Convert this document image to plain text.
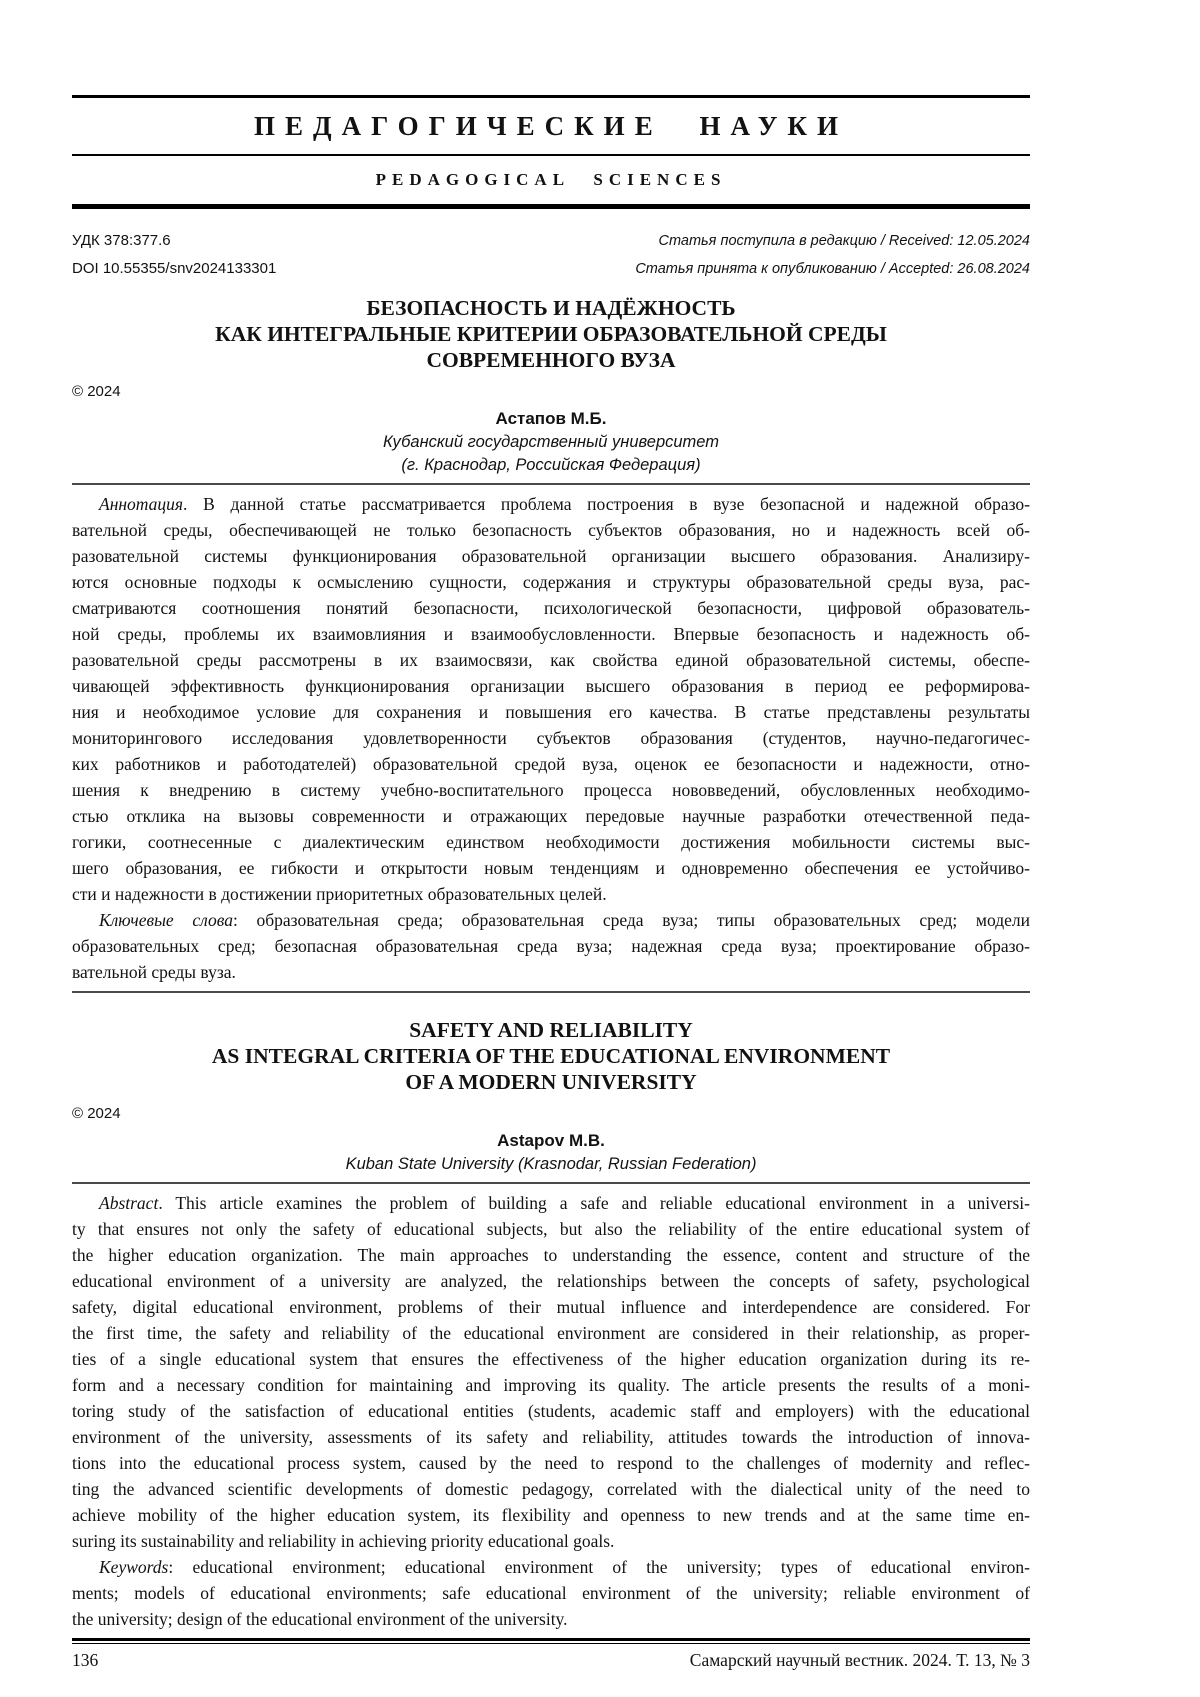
ПЕДАГОГИЧЕСКИЕ НАУКИ
PEDAGOGICAL SCIENCES
УДК 378:377.6	Статья поступила в редакцию / Received: 12.05.2024
DOI 10.55355/snv2024133301	Статья принята к опубликованию / Accepted: 26.08.2024
БЕЗОПАСНОСТЬ И НАДЁЖНОСТЬ
КАК ИНТЕГРАЛЬНЫЕ КРИТЕРИИ ОБРАЗОВАТЕЛЬНОЙ СРЕДЫ
СОВРЕМЕННОГО ВУЗА
© 2024
Астапов М.Б.
Кубанский государственный университет
(г. Краснодар, Российская Федерация)
Аннотация. В данной статье рассматривается проблема построения в вузе безопасной и надежной образо-
вательной среды, обеспечивающей не только безопасность субъектов образования, но и надежность всей об-
разовательной системы функционирования образовательной организации высшего образования. Анализиру-
ются основные подходы к осмыслению сущности, содержания и структуры образовательной среды вуза, рас-
сматриваются соотношения понятий безопасности, психологической безопасности, цифровой образователь-
ной среды, проблемы их взаимовлияния и взаимообусловленности. Впервые безопасность и надежность об-
разовательной среды рассмотрены в их взаимосвязи, как свойства единой образовательной системы, обеспе-
чивающей эффективность функционирования организации высшего образования в период ее реформирова-
ния и необходимое условие для сохранения и повышения его качества. В статье представлены результаты
мониторингового исследования удовлетворенности субъектов образования (студентов, научно-педагогичес-
ких работников и работодателей) образовательной средой вуза, оценок ее безопасности и надежности, отно-
шения к внедрению в систему учебно-воспитательного процесса нововведений, обусловленных необходимо-
стью отклика на вызовы современности и отражающих передовые научные разработки отечественной педа-
гогики, соотнесенные с диалектическим единством необходимости достижения мобильности системы выс-
шего образования, ее гибкости и открытости новым тенденциям и одновременно обеспечения ее устойчиво-
сти и надежности в достижении приоритетных образовательных целей.
Ключевые слова: образовательная среда; образовательная среда вуза; типы образовательных сред; модели
образовательных сред; безопасная образовательная среда вуза; надежная среда вуза; проектирование образо-
вательной среды вуза.
SAFETY AND RELIABILITY
AS INTEGRAL CRITERIA OF THE EDUCATIONAL ENVIRONMENT
OF A MODERN UNIVERSITY
© 2024
Astapov M.B.
Kuban State University (Krasnodar, Russian Federation)
Abstract. This article examines the problem of building a safe and reliable educational environment in a universi-
ty that ensures not only the safety of educational subjects, but also the reliability of the entire educational system of
the higher education organization. The main approaches to understanding the essence, content and structure of the
educational environment of a university are analyzed, the relationships between the concepts of safety, psychological
safety, digital educational environment, problems of their mutual influence and interdependence are considered. For
the first time, the safety and reliability of the educational environment are considered in their relationship, as proper-
ties of a single educational system that ensures the effectiveness of the higher education organization during its re-
form and a necessary condition for maintaining and improving its quality. The article presents the results of a moni-
toring study of the satisfaction of educational entities (students, academic staff and employers) with the educational
environment of the university, assessments of its safety and reliability, attitudes towards the introduction of innova-
tions into the educational process system, caused by the need to respond to the challenges of modernity and reflec-
ting the advanced scientific developments of domestic pedagogy, correlated with the dialectical unity of the need to
achieve mobility of the higher education system, its flexibility and openness to new trends and at the same time en-
suring its sustainability and reliability in achieving priority educational goals.
Keywords: educational environment; educational environment of the university; types of educational environ-
ments; models of educational environments; safe educational environment of the university; reliable environment of
the university; design of the educational environment of the university.
136	Самарский научный вестник. 2024. Т. 13, № 3
